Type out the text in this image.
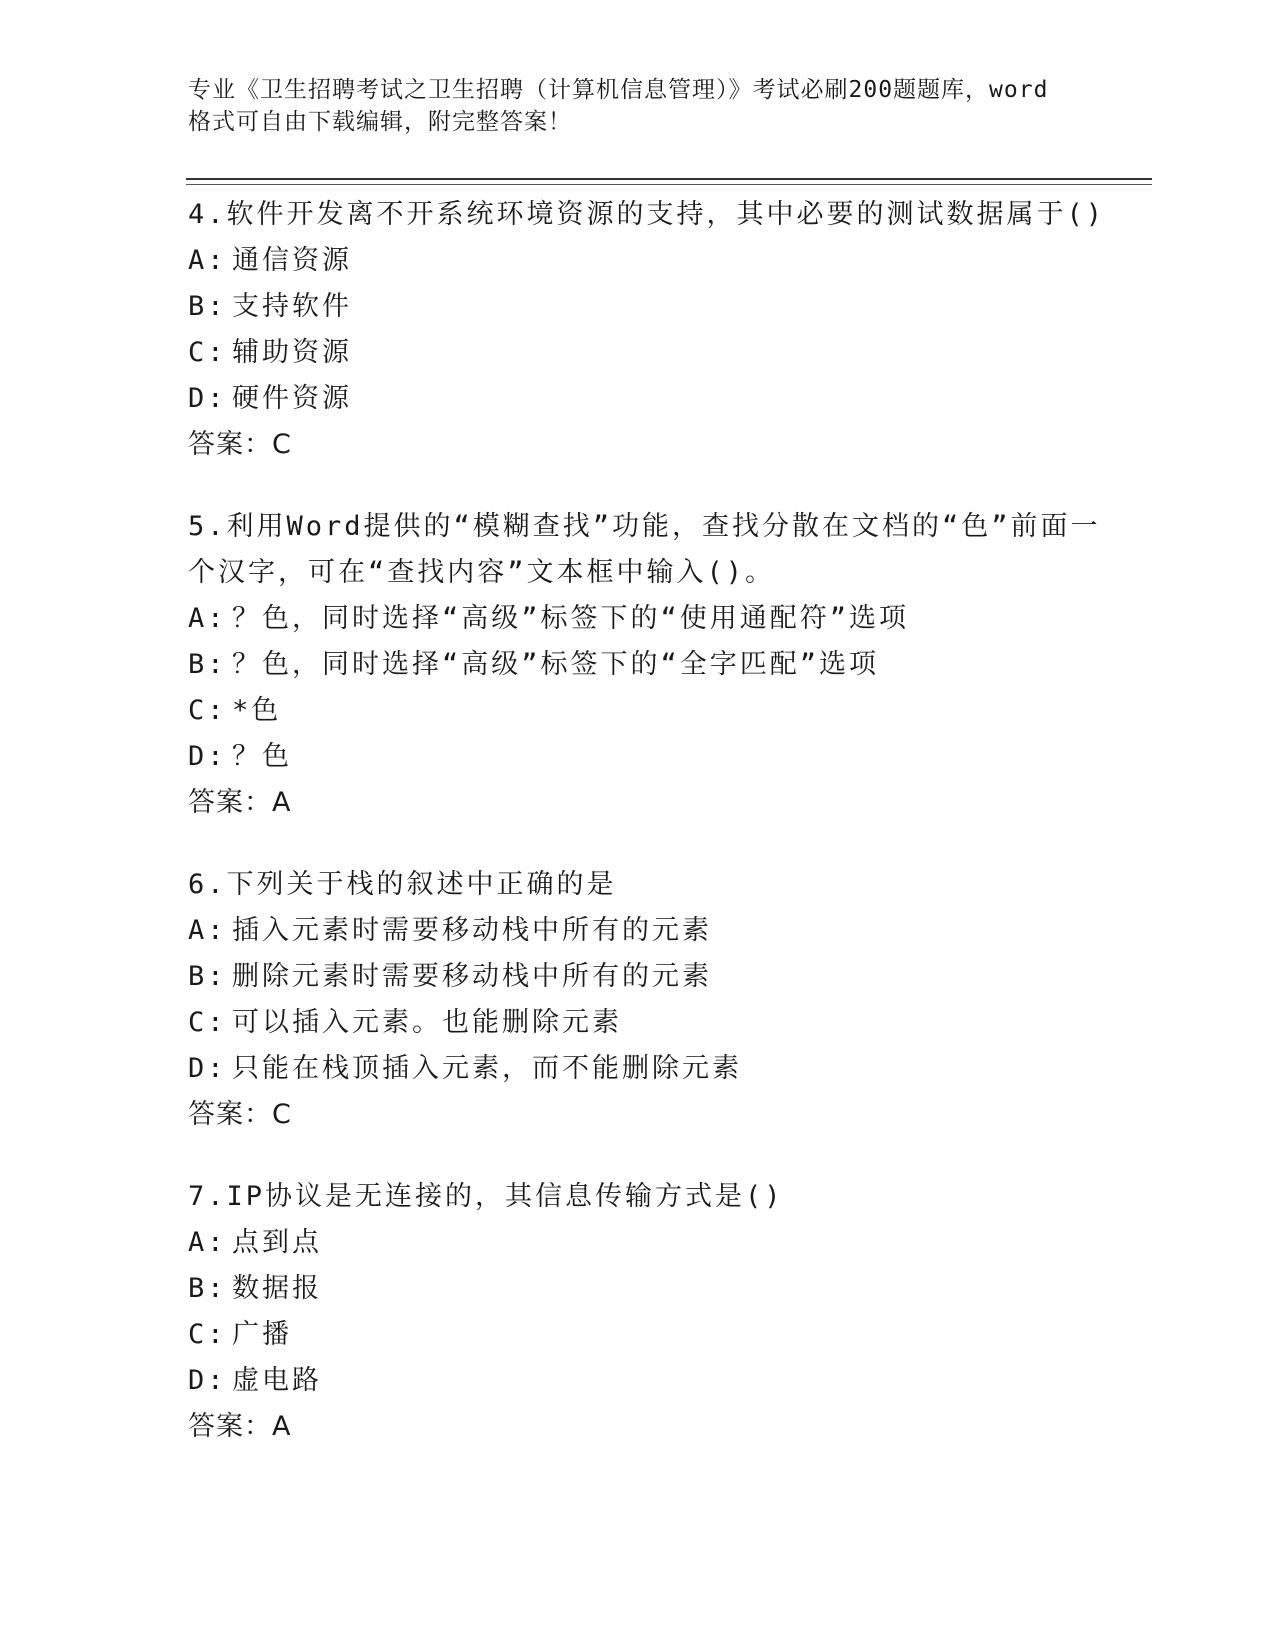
专业《卫生招聘考试之卫生招聘（计算机信息管理）》考试必刷200题题库，word
格式可自由下载编辑，附完整答案！
4.软件开发离不开系统环境资源的支持，其中必要的测试数据属于()
A: 通信资源
B: 支持软件
C: 辅助资源
D: 硬件资源
答案：C
5.利用Word提供的“模糊查找”功能，查找分散在文档的“色”前面一个汉字，可在“查找内容”文本框中输入()。
A: ？色，同时选择“高级”标签下的“使用通配符”选项
B: ？色，同时选择“高级”标签下的“全字匹配”选项
C: *色
D: ？色
答案：A
6.下列关于栈的叙述中正确的是
A: 插入元素时需要移动栈中所有的元素
B: 删除元素时需要移动栈中所有的元素
C: 可以插入元素。也能删除元素
D: 只能在栈顶插入元素，而不能删除元素
答案：C
7.IP协议是无连接的，其信息传输方式是()
A: 点到点
B: 数据报
C: 广播
D: 虚电路
答案：A
